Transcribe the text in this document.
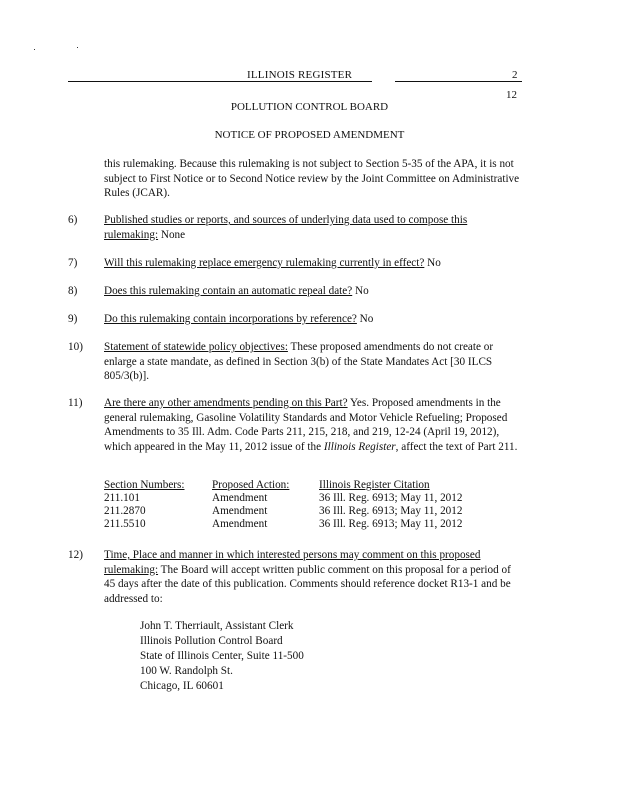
ILLINOIS REGISTER	2
12
POLLUTION CONTROL BOARD
NOTICE OF PROPOSED AMENDMENT
this rulemaking. Because this rulemaking is not subject to Section 5-35 of the APA, it is not subject to First Notice or to Second Notice review by the Joint Committee on Administrative Rules (JCAR).
6) Published studies or reports, and sources of underlying data used to compose this rulemaking: None
7) Will this rulemaking replace emergency rulemaking currently in effect? No
8) Does this rulemaking contain an automatic repeal date? No
9) Do this rulemaking contain incorporations by reference? No
10) Statement of statewide policy objectives: These proposed amendments do not create or enlarge a state mandate, as defined in Section 3(b) of the State Mandates Act [30 ILCS 805/3(b)].
11) Are there any other amendments pending on this Part? Yes. Proposed amendments in the general rulemaking, Gasoline Volatility Standards and Motor Vehicle Refueling; Proposed Amendments to 35 Ill. Adm. Code Parts 211, 215, 218, and 219, 12-24 (April 19, 2012), which appeared in the May 11, 2012 issue of the Illinois Register, affect the text of Part 211.
Section Numbers:	Proposed Action:	Illinois Register Citation
211.101	Amendment	36 Ill. Reg. 6913; May 11, 2012
211.2870	Amendment	36 Ill. Reg. 6913; May 11, 2012
211.5510	Amendment	36 Ill. Reg. 6913; May 11, 2012
12) Time, Place and manner in which interested persons may comment on this proposed rulemaking: The Board will accept written public comment on this proposal for a period of 45 days after the date of this publication. Comments should reference docket R13-1 and be addressed to:
John T. Therriault, Assistant Clerk
Illinois Pollution Control Board
State of Illinois Center, Suite 11-500
100 W. Randolph St.
Chicago, IL 60601
